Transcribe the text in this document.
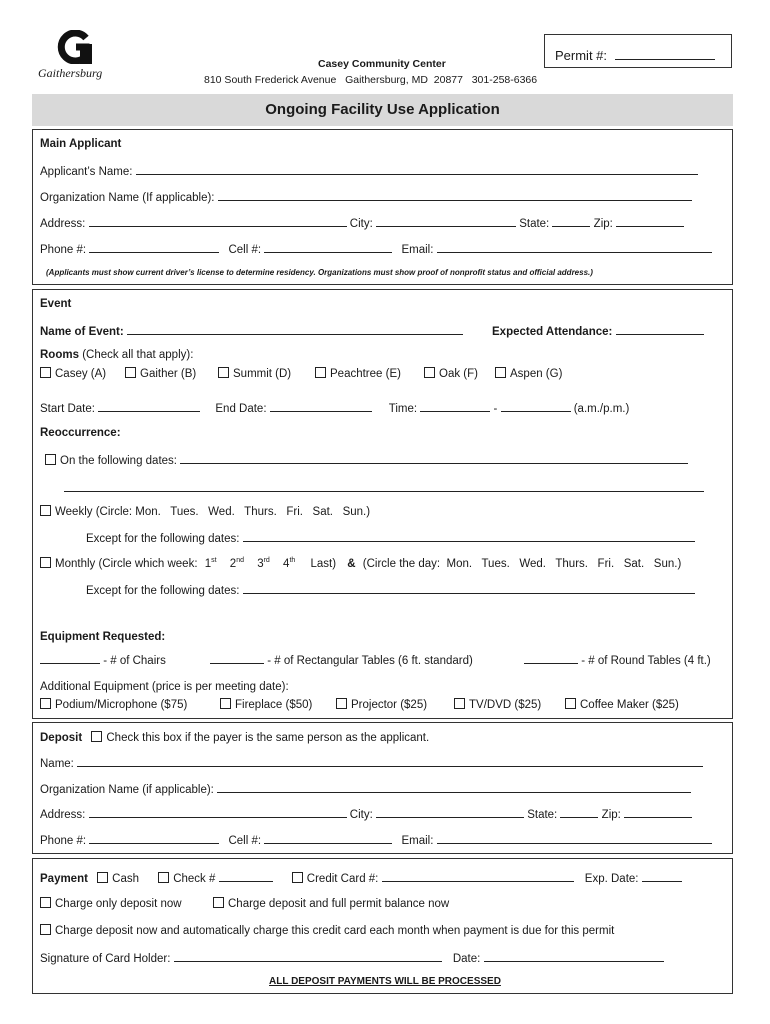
Gaithersburg
Casey Community Center
810 South Frederick Avenue   Gaithersburg, MD  20877   301-258-6366
Permit #:
Ongoing Facility Use Application
Main Applicant
Applicant’s Name:
Organization Name (If applicable):
Address:	City:	State:	Zip:
Phone #:	Cell #:	Email:
(Applicants must show current driver’s license to determine residency. Organizations must show proof of nonprofit status and official address.)
Event
Name of Event:	Expected Attendance:
Rooms (Check all that apply):
Casey (A)	Gaither (B)	Summit (D)	Peachtree (E)	Oak (F)	Aspen (G)
Start Date:	End Date:	Time:	-	(a.m./p.m.)
Reoccurrence:
On the following dates:
Weekly (Circle: Mon.   Tues.   Wed.   Thurs.   Fri.   Sat.   Sun.)
Except for the following dates:
Monthly (Circle which week: 1st 2nd 3rd 4th Last) & (Circle the day:  Mon.   Tues.   Wed.   Thurs.   Fri.   Sat.   Sun.)
Except for the following dates:
Equipment Requested:
- # of Chairs	- # of Rectangular Tables (6 ft. standard)	- # of Round Tables (4 ft.)
Additional Equipment (price is per meeting date):
Podium/Microphone ($75)	Fireplace ($50)	Projector ($25)	TV/DVD ($25)	Coffee Maker ($25)
Deposit Check this box if the payer is the same person as the applicant.
Name:
Organization Name (if applicable):
Address:	City:	State:	Zip:
Phone #:	Cell #:	Email:
Payment Cash	Check #	Credit Card #:	Exp. Date:
Charge only deposit now	Charge deposit and full permit balance now
Charge deposit now and automatically charge this credit card each month when payment is due for this permit
Signature of Card Holder:	Date:
ALL DEPOSIT PAYMENTS WILL BE PROCESSED
